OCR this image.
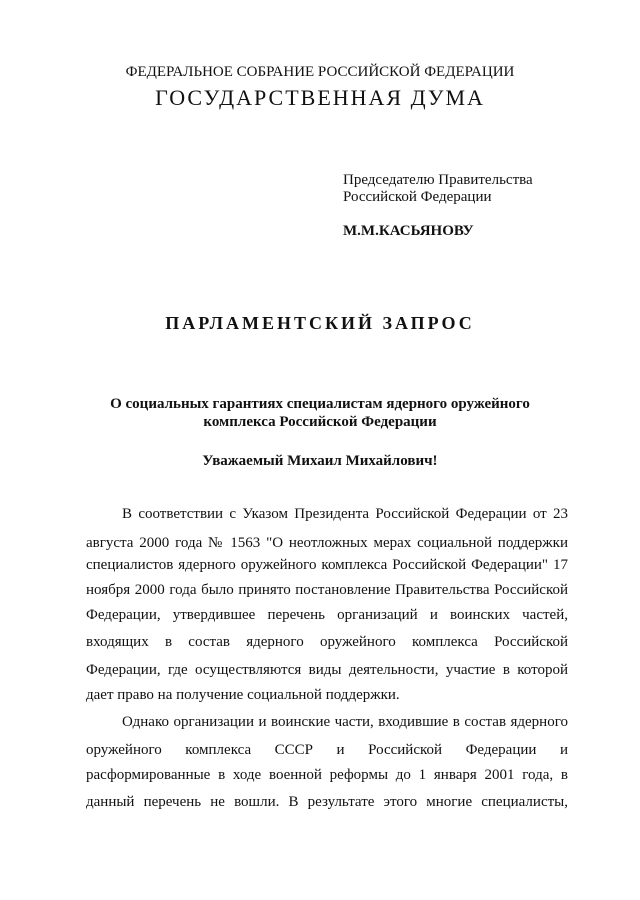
ФЕДЕРАЛЬНОЕ СОБРАНИЕ РОССИЙСКОЙ ФЕДЕРАЦИИ
ГОСУДАРСТВЕННАЯ ДУМА
Председателю Правительства
Российской Федерации
М.М.КАСЬЯНОВУ
ПАРЛАМЕНТСКИЙ ЗАПРОС
О социальных гарантиях специалистам ядерного оружейного
комплекса Российской Федерации
Уважаемый Михаил Михайлович!
В соответствии с Указом Президента Российской Федерации от 23
августа 2000 года № 1563 "О неотложных мерах социальной поддержки
специалистов ядерного оружейного комплекса Российской Федерации" 17
ноября 2000 года было принято постановление Правительства Российской
Федерации, утвердившее перечень организаций и воинских частей,
входящих в состав ядерного оружейного комплекса Российской
Федерации, где осуществляются виды деятельности, участие в которой
дает право на получение социальной поддержки.
Однако организации и воинские части, входившие в состав ядерного
оружейного комплекса СССР и Российской Федерации и
расформированные в ходе военной реформы до 1 января 2001 года, в
данный перечень не вошли. В результате этого многие специалисты,
